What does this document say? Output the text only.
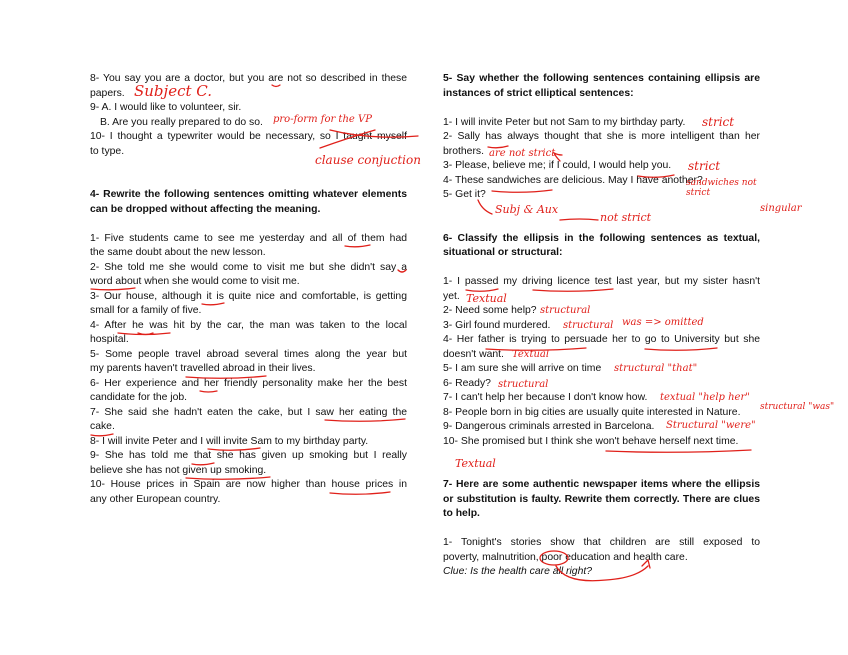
8- You say you are a doctor, but you are not so described in these
papers.
9- A. I would like to volunteer, sir.
B. Are you really prepared to do so.
10- I thought a typewriter would be necessary, so I taught myself
to type.
4- Rewrite the following sentences omitting whatever elements
can be dropped without affecting the meaning.
1- Five students came to see me yesterday and all of them had
the same doubt about the new lesson.
2- She told me she would come to visit me but she didn't say a
word about when she would come to visit me.
3- Our house, although it is quite nice and comfortable, is getting
small for a family of five.
4- After he was hit by the car, the man was taken to the local
hospital.
5- Some people travel abroad several times along the year but
my parents haven't travelled abroad in their lives.
6- Her experience and her friendly personality make her the best
candidate for the job.
7- She said she hadn't eaten the cake, but I saw her eating the
cake.
8- I will invite Peter and I will invite Sam to my birthday party.
9- She has told me that she has given up smoking but I really
believe she has not given up smoking.
10- House prices in Spain are now higher than house prices in
any other European country.
5- Say whether the following sentences containing ellipsis are
instances of strict elliptical sentences:
1- I will invite Peter but not Sam to my birthday party.
2- Sally has always thought that she is more intelligent than her
brothers.
3- Please, believe me; if I could, I would help you.
4- These sandwiches are delicious. May I have another?
5- Get it?
6- Classify the ellipsis in the following sentences as textual,
situational or structural:
1- I passed my driving licence test last year, but my sister hasn't
yet.
2- Need some help?
3- Girl found murdered.
4- Her father is trying to persuade her to go to University but she
doesn't want.
5- I am sure she will arrive on time
6- Ready?
7- I can't help her because I don't know how.
8- People born in big cities are usually quite interested in Nature.
9- Dangerous criminals arrested in Barcelona.
10- She promised but I think she won't behave herself next time.
7- Here are some authentic newspaper items where the ellipsis
or substitution is faulty. Rewrite them correctly. There are clues
to help.
1- Tonight's stories show that children are still exposed to
poverty, malnutrition, poor education and health care.
Clue: Is the health care all right?
Subject C.
pro-form for the VP
clause conjuction
strict
are not strict
strict
sandwiches not strict
singular
Subj & Aux
not strict
Textual
structural
structural was => omitted
Textual
structural "that"
structural
textual "help her"
structural "was"
Structural "were"
Textual
